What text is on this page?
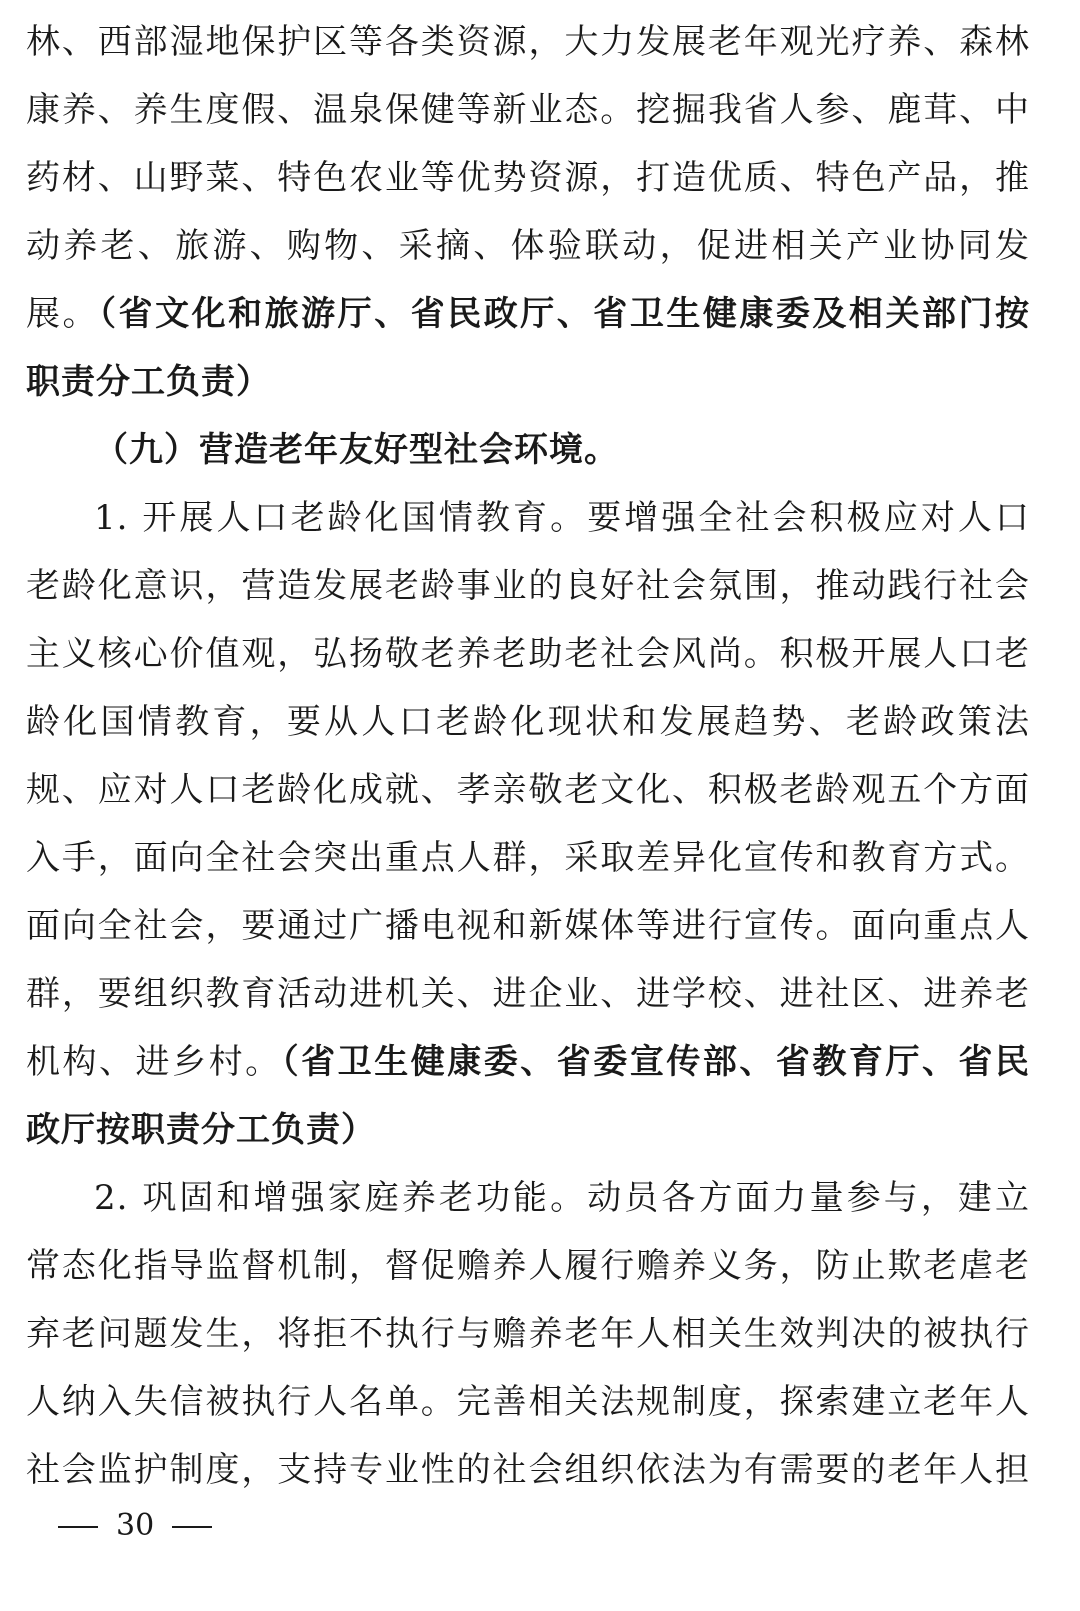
林、西部湿地保护区等各类资源，大力发展老年观光疗养、森林
康养、养生度假、温泉保健等新业态。挖掘我省人参、鹿茸、中
药材、山野菜、特色农业等优势资源，打造优质、特色产品，推
动养老、旅游、购物、采摘、体验联动，促进相关产业协同发
展。（省文化和旅游厅、省民政厅、省卫生健康委及相关部门按
职责分工负责）
（九）营造老年友好型社会环境。
1. 开展人口老龄化国情教育。要增强全社会积极应对人口
老龄化意识，营造发展老龄事业的良好社会氛围，推动践行社会
主义核心价值观，弘扬敬老养老助老社会风尚。积极开展人口老
龄化国情教育，要从人口老龄化现状和发展趋势、老龄政策法
规、应对人口老龄化成就、孝亲敬老文化、积极老龄观五个方面
入手，面向全社会突出重点人群，采取差异化宣传和教育方式。
面向全社会，要通过广播电视和新媒体等进行宣传。面向重点人
群，要组织教育活动进机关、进企业、进学校、进社区、进养老
机构、进乡村。（省卫生健康委、省委宣传部、省教育厅、省民
政厅按职责分工负责）
2. 巩固和增强家庭养老功能。动员各方面力量参与，建立
常态化指导监督机制，督促赡养人履行赡养义务，防止欺老虐老
弃老问题发生，将拒不执行与赡养老年人相关生效判决的被执行
人纳入失信被执行人名单。完善相关法规制度，探索建立老年人
社会监护制度，支持专业性的社会组织依法为有需要的老年人担
30
